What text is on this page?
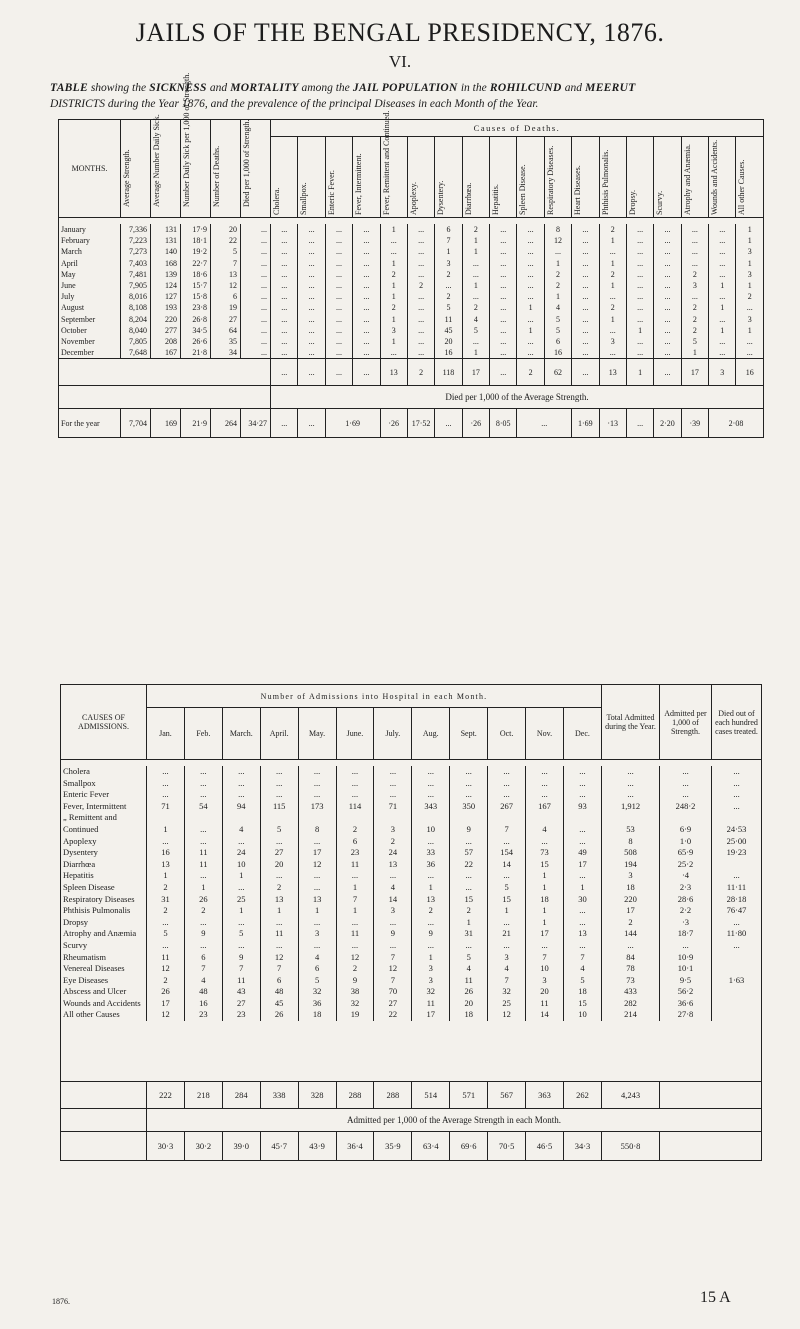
JAILS OF THE BENGAL PRESIDENCY, 1876.
VI.
TABLE showing the SICKNESS and MORTALITY among the JAIL POPULATION in the ROHILCUND and MEERUT
DISTRICTS during the Year 1876, and the prevalence of the principal Diseases in each Month of the Year.
MONTHS.	Average Strength.	Average Number Daily Sick.	Number Daily Sick per 1,000 of Strength.	Number of Deaths.	Died per 1,000 of Strength.	Causes of Deaths.																	

						Cholera.	Smallpox.	Enteric Fever.	Fever, Intermittent.	Fever, Remittent and Continued.	Apoplexy.	Dysentery.	Diarrhœa.	Hepatitis.	Spleen Disease.	Respiratory Diseases.	Heart Diseases.	Phthisis Pulmonalis.	Dropsy.	Scurvy.	Atrophy and Anæmia.	Wounds and Accidents.	All other Causes.

January	7,336	131	17·9	20	...	...	...	...	...	1	...	6	2	...	...	8	...	2	...	...	...	...	1
February	7,223	131	18·1	22	...	...	...	...	...	...	...	7	1	...	...	12	...	1	...	...	...	...	1
March	7,273	140	19·2	5	...	...	...	...	...	...	...	1	1	...	...	...	...	...	...	...	...	...	3
April	7,403	168	22·7	7	...	...	...	...	...	1	...	3	...	...	...	1	...	1	...	...	...	...	1
May	7,481	139	18·6	13	...	...	...	...	...	2	...	2	...	...	...	2	...	2	...	...	2	...	3
June	7,905	124	15·7	12	...	...	...	...	...	1	2	...	1	...	...	2	...	1	...	...	3	1	1
July	8,016	127	15·8	6	...	...	...	...	...	1	...	2	...	...	...	1	...	...	...	...	...	...	2
August	8,108	193	23·8	19	...	...	...	...	...	2	...	5	2	...	1	4	...	2	...	...	2	1	...
September	8,204	220	26·8	27	...	...	...	...	...	1	...	11	4	...	...	5	...	1	...	...	2	...	3
October	8,040	277	34·5	64	...	...	...	...	...	3	...	45	5	...	1	5	...	...	1	...	2	1	1
November	7,805	208	26·6	35	...	...	...	...	...	1	...	20	...	...	...	6	...	3	...	...	5	...	...
December	7,648	167	21·8	34	...	...	...	...	...	...	...	16	1	...	...	16	...	...	...	...	1	...	...
						...	...	...	...	13	2	118	17	...	2	62	...	13	1	...	17	3	16
						Died per 1,000 of the Average Strength.																	
For the year	7,704	169	21·9	264	34·27	...	...	1·69		·26	17·52	...	·26	8·05	...		1·69	·13	...	2·20	·39	2·08	
CAUSES OF ADMISSIONS.	Number of Admissions into Hospital in each Month.												Total Admitted during the Year.	Admitted per 1,000 of Strength.	Died out of each hundred cases treated.
	Jan.	Feb.	March.	April.	May.	June.	July.	Aug.	Sept.	Oct.	Nov.	Dec.			

Cholera	...	...	...	...	...	...	...	...	...	...	...	...	...	...	...
Smallpox	...	...	...	...	...	...	...	...	...	...	...	...	...	...	...
Enteric Fever	...	...	...	...	...	...	...	...	...	...	...	...	...	...	...
Fever, Intermittent	71	54	94	115	173	114	71	343	350	267	167	93	1,912	248·2	...
„ Remittent and															
Continued	1	...	4	5	8	2	3	10	9	7	4	...	53	6·9	24·53
Apoplexy	...	...	...	...	...	6	2	...	...	...	...	...	8	1·0	25·00
Dysentery	16	11	24	27	17	23	24	33	57	154	73	49	508	65·9	19·23
Diarrhœa	13	11	10	20	12	11	13	36	22	14	15	17	194	25·2	
Hepatitis	1	...	1	...	...	...	...	...	...	...	1	...	3	·4	...
Spleen Disease	2	1	...	2	...	1	4	1	...	5	1	1	18	2·3	11·11
Respiratory Diseases	31	26	25	13	13	7	14	13	15	15	18	30	220	28·6	28·18
Phthisis Pulmonalis	2	2	1	1	1	1	3	2	2	1	1	...	17	2·2	76·47
Dropsy	...	...	...	...	...	...	...	...	1	...	1	...	2	·3	...
Atrophy and Anæmia	5	9	5	11	3	11	9	9	31	21	17	13	144	18·7	11·80
Scurvy	...	...	...	...	...	...	...	...	...	...	...	...	...	...	...
Rheumatism	11	6	9	12	4	12	7	1	5	3	7	7	84	10·9	
Venereal Diseases	12	7	7	7	6	2	12	3	4	4	10	4	78	10·1	
Eye Diseases	2	4	11	6	5	9	7	3	11	7	3	5	73	9·5	1·63
Abscess and Ulcer	26	48	43	48	32	38	70	32	26	32	20	18	433	56·2	
Wounds and Accidents	17	16	27	45	36	32	27	11	20	25	11	15	282	36·6	
All other Causes	12	23	23	26	18	19	22	17	18	12	14	10	214	27·8	

	222	218	284	338	328	288	288	514	571	567	363	262	4,243		
	Admitted per 1,000 of the Average Strength in each Month.														
	30·3	30·2	39·0	45·7	43·9	36·4	35·9	63·4	69·6	70·5	46·5	34·3	550·8		
1876.	15 A
